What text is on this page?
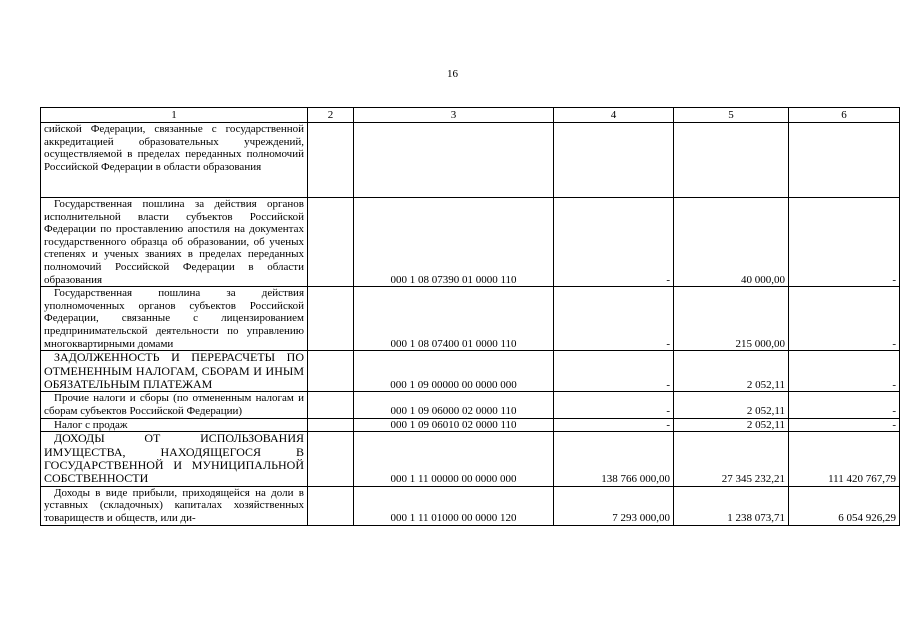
16
1	2	3	4	5	6
сийской Федерации, связанные с государственной аккредитацией образовательных учреждений, осуществляемой в пределах переданных полномочий Российской Федерации в области образования					
Государственная пошлина за действия органов исполнительной власти субъектов Российской Федерации по проставлению апостиля на документах государственного образца об образовании, об ученых степенях и ученых званиях в пределах переданных полномочий Российской Федерации в области образования		000 1 08 07390 01 0000 110	-	40 000,00	-
Государственная пошлина за действия уполномоченных органов субъектов Российской Федерации, связанные с лицензированием предпринимательской деятельности по управлению многоквартирными домами		000 1 08 07400 01 0000 110	-	215 000,00	-
ЗАДОЛЖЕННОСТЬ И ПЕРЕРАСЧЕТЫ ПО ОТМЕНЕННЫМ НАЛОГАМ, СБОРАМ И ИНЫМ ОБЯЗАТЕЛЬНЫМ ПЛАТЕЖАМ		000 1 09 00000 00 0000 000	-	2 052,11	-
Прочие налоги и сборы (по отмененным налогам и сборам субъектов Российской Федерации)		000 1 09 06000 02 0000 110	-	2 052,11	-
Налог с продаж		000 1 09 06010 02 0000 110	-	2 052,11	-
ДОХОДЫ ОТ ИСПОЛЬЗОВАНИЯ ИМУЩЕСТВА, НАХОДЯЩЕГОСЯ В ГОСУДАРСТВЕННОЙ И МУНИЦИПАЛЬНОЙ СОБСТВЕННОСТИ		000 1 11 00000 00 0000 000	138 766 000,00	27 345 232,21	111 420 767,79
Доходы в виде прибыли, приходящейся на доли в уставных (складочных) капиталах хозяйственных товариществ и обществ, или ди-		000 1 11 01000 00 0000 120	7 293 000,00	1 238 073,71	6 054 926,29
